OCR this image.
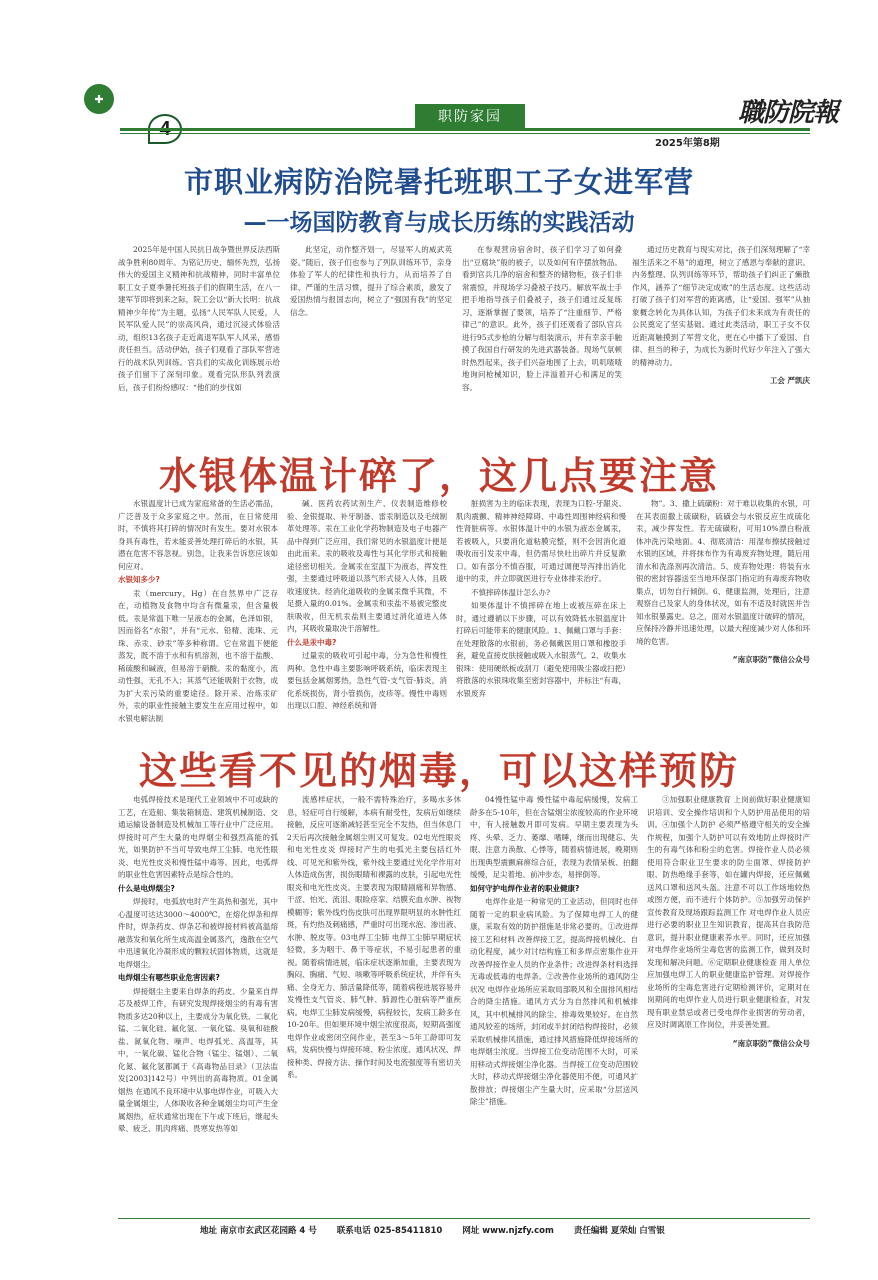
✚
职防家园	職防院報
2025年第8期
市职业病防治院暑托班职工子女进军营
—一场国防教育与成长历练的实践活动

2025年是中国人民抗日战争暨世界反法西斯战争胜利80周年。为铭记历史、缅怀先烈，弘扬伟大的爱国主义精神和抗战精神，同时丰富单位职工女子夏季暑托班孩子们的假期生活，在八一建军节即将到来之际，院工会以“新大长明：抗战精神少年传”为主题，弘扬“人民军队人民爱，人民军队爱人民”的崇高风尚，通过沉浸式体验活动，组织13名孩子走近离退军队军人风采，感悟责任担当。活动伊始，孩子们观看了部队军营进行的战术队列训练。官兵们的实战化训练展示给孩子们留下了深刻印象。观看完队形队列表演后，孩子们纷纷感叹：“他们的步伐如

此坚定，动作整齐划一，尽显军人的威武英姿。”随后，孩子们也参与了列队训练环节，亲身体验了军人的纪律性和执行力，从而培养了自律、严谨的生活习惯，提升了综合素质，激发了爱国热情与报国志向，树立了“强国有我”的坚定信念。

在参观营房宿舍时，孩子们学习了如何叠出“豆腐块”般的被子，以及如何有序摆放物品。看到官兵几净的宿舍和整齐的储物柜，孩子们非常震惊，并现场学习叠被子技巧。解放军战士手把手地指导孩子们叠被子，孩子们通过反复练习，逐渐掌握了要领，培养了“注重细节、严格律己”的意识。此外，孩子们还观看了部队官兵进行95式步枪的分解与组装演示，并有幸亲手触摸了我国自行研发的先进武器装备。现场气氛顿时热烈起来，孩子们兴奋地围了上去，叽叽喳喳地询问枪械知识，脸上洋溢着开心和满足的笑容。

通过历史教育与现实对比，孩子们深刻理解了“幸福生活来之不易”的道理，树立了感恩与奉献的意识。内务整理、队列训练等环节，帮助孩子们纠正了懒散作风，涵养了“细节决定成败”的生活态度。这些活动打破了孩子们对军营的距离感，让“爱国、强军”从抽象概念转化为具体认知，为孩子们未来成为有责任的公民奠定了坚实基础。通过此类活动，职工子女不仅近距离触摸到了军营文化，更在心中播下了爱国、自律、担当的种子，为成长为新时代好少年注入了强大的精神动力。

工会 严凯庆

水银体温计碎了，这几点要注意

水银温度计已成为家庭常备的生活必需品，广泛普及于众多家庭之中。然而，在日常使用时，不慎将其打碎的情况时有发生。要对水银本身具有毒性，若未能妥善处理打碎后的水银，其潜在危害不容忽视。别急，让我来告诉您应该如何应对。

水银知多少?

汞（mercury，Hg）在自然界中广泛存在，动植物及食物中均含有微量汞，但含量极低。汞是常温下唯一呈液态的金属，色泽如银，因而俗名“水银”，并有“元水、铅精、流珠、元珠、赤汞、砂汞”等多种称谓。它在常温下便能蒸发，既不溶于水和有机溶剂，也不溶于盐酸、稀硫酸和碱液，但易溶于硝酸。汞的黏度小，流动性强，无孔不入；其蒸气还能吸附于衣物，成为扩大汞污染的重要途径。除开采、冶炼汞矿外，汞的职业性接触主要发生在应用过程中，如水银电解法制

碱、医药农药试剂生产、仪表制造维修校验、金银提取、补牙制备、雷汞制造以及毛绒制革处理等。汞在工业化学药物制造及电子电器产品中得到广泛应用，我们常见的水银温度计便是由此而来。汞的吸收及毒性与其化学形式和接触途径密切相关。金属汞在室温下为液态，挥发性强，主要通过呼吸道以蒸气形式侵入人体，且吸收速度快。经消化道吸收的金属汞微乎其微，不足摄入量的0.01%。金属汞和汞盐不易被完整皮肤吸收，但无机汞盐则主要通过消化道进入体内，其吸收量取决于溶解性。

什么是汞中毒?

过量汞的吸收可引起中毒，分为急性和慢性两种。急性中毒主要影响呼吸系统，临床表现主要包括金属烟雾热，急性气管-支气管-肺炎，消化系统损伤，肾小管损伤，皮疹等。慢性中毒则出现以口腔、神经系统和肾

脏损害为主的临床表现，表现为口腔-牙龈炎、肌肉震颤、精神神经障碍、中毒性周围神经病和慢性肾脏病等。水银体温计中的水银为液态金属汞，若被吸入，只要消化道粘膜完整，则不会因消化道吸收而引发汞中毒，但仍需尽快吐出碎片并反复漱口。如有部分不慎吞服，可通过调便导泻排出消化道中的汞，并立即就医进行专业体排汞治疗。

不慎摔碎体温计怎么办?

如果体温计不慎摔碎在地上或被压碎在床上时，通过遵循以下步骤，可以有效降低水银温度计打碎后可能带来的健康风险。1、佩戴口罩与手套：在处理散落的水银前，务必佩戴医用口罩和橡胶手套，避免直接皮肤接触或吸入水银蒸气。2、收集水银珠：使用硬纸板或刮刀（避免使用吸尘器或扫把）将散落的水银珠收集至密封容器中，并标注“有毒，水银废弃

物”。3、撒上硫磺粉：对于难以收集的水银，可在其表面撒上硫磺粉，硫磺会与水银反应生成硫化汞，减少挥发性。若无硫磺粉，可用10%漂白粉液体冲洗污染地面。4、彻底清洁：用湿布擦拭接触过水银的区域，并将抹布作为有毒废弃物处理，随后用清水和洗涤剂再次清洁。5、废弃物处理：将装有水银的密封容器送至当地环保部门指定的有毒废弃物收集点，切勿自行倾倒。6、健康监测，处理后，注意观察自己及家人的身体状况，如有不适及时就医并告知水银暴露史。总之，面对水银温度计破碎的情况，应保持冷静并迅速处理，以最大程度减少对人体和环境的危害。

“南京职防”微信公众号

这些看不见的烟毒，可以这样预防

电弧焊接技术是现代工业领域中不可或缺的工艺，在造船、集装箱制造、建筑机械制造、交通运输设备制造及机械加工等行业中广泛应用。焊接时可产生大量的电焊烟尘和强烈高能的弧光，如果防护不当可导致电焊工尘肺、电光性眼炎、电光性皮炎和慢性锰中毒等。因此，电弧焊的职业性危害因素特点是综合性的。

什么是电焊烟尘?

焊接时，电弧放电时产生高热和强光，其中心温度可达达3000～4000℃。在熔化焊条和焊件时，焊条药皮、焊条芯和被焊接材料被高温熔融蒸发和氧化所生成高温金属蒸汽，逸散在空气中迅速氧化冷凝形成的颗粒状固体物质，这就是电焊烟尘。

电焊烟尘有哪些职业危害因素?

焊接烟尘主要来自焊条的药皮、少量来自焊芯及被焊工件，有研究发现焊接烟尘的有毒有害物质多达20种以上，主要成分为氧化铁、二氧化锰、二氧化硅、氟化氢、一氧化锰、臭氧和硅酸盐、氮氧化物、噪声、电焊弧光、高温等，其中，一氧化碳、锰化合物（锰尘、锰烟）、二氧化氮、氟化氢都属于《高毒物品目录》（卫法监发[2003]142号）中列出的高毒物质。01金属烟热 在通风不良环境中从事电焊作业，可吸入大量金属烟尘，人体吸收各种金属烟尘均可产生金属烟热，症状通常出现在下午或下班后，继起头晕、疲乏、肌肉疼痛、畏寒发热等如

流感样症状，一般不需特殊治疗，多喝水多休息，轻症可自行缓解，本病有耐受性，发病后如继续接触，反应可逐渐减轻甚至完全不发热，但当休息门2天后再次接触金属烟尘则又可复发。02电光性眼炎和电光性皮炎 焊接时产生的电弧光主要包括红外线、可见光和紫外线，紫外线主要通过光化学作用对人体造成伤害，损伤眼睛和裸露的皮肤，引起电光性眼炎和电光性皮炎。主要表现为眼睛剧痛和异物感、干涩、怕光、流泪、眼睑痉挛、结膜充血水肿、视物模糊等；紫外线灼伤皮肤可出现界限明显的水肿性红斑，有灼热及刺痛感，严重时可出现水泡、渗出液、水肿、脱皮等。03电焊工尘肺 电焊工尘肺早期症状轻微，多为咽干、鼻干等症状，不易引起患者的重视。随着病情进展，临床症状逐渐加重，主要表现为胸闷、胸痛、气短、咳嗽等呼吸系统症状，并伴有头痛、全身无力、肺活量降低等，随着病程进展容易并发慢性支气管炎、肺气肿、肺源性心脏病等严重疾病。电焊工尘肺发病缓慢，病程较长，发病工龄多在10-20年。但如果环境中烟尘浓度很高，短期高强度电焊作业或密闭空间作业，甚至3～5年工龄即可发病，发病快慢与焊接环境、粉尘浓度、通风状况、焊接种类、焊接方法、操作时间及电流强度等有密切关系。

04慢性锰中毒 慢性锰中毒起病缓慢，发病工龄多在5-10年，但在含锰烟尘浓度较高的作业环境中，有人接触数月即可发病。早期主要表现为头疼、头晕、乏力、萎靡、嗜睡，继而出现健忘、失眠、注意力涣散、心悸等，随着病情进展，晚期则出现典型震颤麻痹综合征，表现为表情呆板、拍翻缓慢，足尖着地、前冲步态，易摔倒等。

如何守护电焊作业者的职业健康?

电焊作业是一种常见的工业活动，但同时也伴随着一定的职业病风险。为了保障电焊工人的健康，采取有效的防护措施是非常必要的。①改进焊接工艺和材料 改善焊接工艺，提高焊接机械化、自动化程度，减少对讨结构施工和多焊点密集作业开改善焊接作业人员的作业条件；改进焊条材料选择无毒或低毒的电焊条。②改善作业场所的通风防尘状况 电焊作业场所应采取局部吸风和全面排风相结合的降尘措施。通风方式分为自然排风和机械排风，其中机械排风的除尘、排毒效果较好。在自然通风较差的场所，封闭或半封闭结构焊接时，必须采取机械排风措施，通过排风措施降低焊接场所的电焊烟尘浓度。当焊接工位变动范围不大时，可采用移动式焊接烟尘净化器。当焊接工位变动范围较大时，移动式焊接烟尘净化器使用不便，可通风扩散排放；焊接烟尘产生量大时，应采取“分层送风除尘”措施。

③加强职业健康教育 上岗前做好职业健康知识培训、安全操作培训和个人防护用品使用的培训。④加强个人防护 必须严格遵守相关的安全操作规程，加强个人防护可以有效地防止焊接时产生的有毒气体和粉尘的危害。焊接作业人员必须使用符合职业卫生要求的防尘面罩、焊接防护眼、防热绝缘手套等，如在罐内焊接，还应佩戴送风口罩和送风头盔。注意不可以工作场地较热或图方便，而不进行个体防护。⑤加强劳动保护宣传教育及现场跟踪监测工作 对电焊作业人员应进行必要的职业卫生知识教育，提高其自我防范意识，提升职业健康素养水平。同时，还应加强对电焊作业场所尘毒危害的监测工作，做到及时发现和解决问题。⑥定期职业健康检查 用人单位应加强电焊工人的职业健康监护管理。对焊接作业场所的尘毒危害进行定期检测评价，定期对在岗期间的电焊作业人员进行职业健康检查，对发现有职业禁忌或者已受电焊作业损害的劳动者，应及时调离原工作岗位，并妥善处置。

“南京职防”微信公众号

地址 南京市玄武区花园路 4 号 联系电话 025-85411810 网址 www.njzfy.com 责任编辑 夏荣灿 白雪银
